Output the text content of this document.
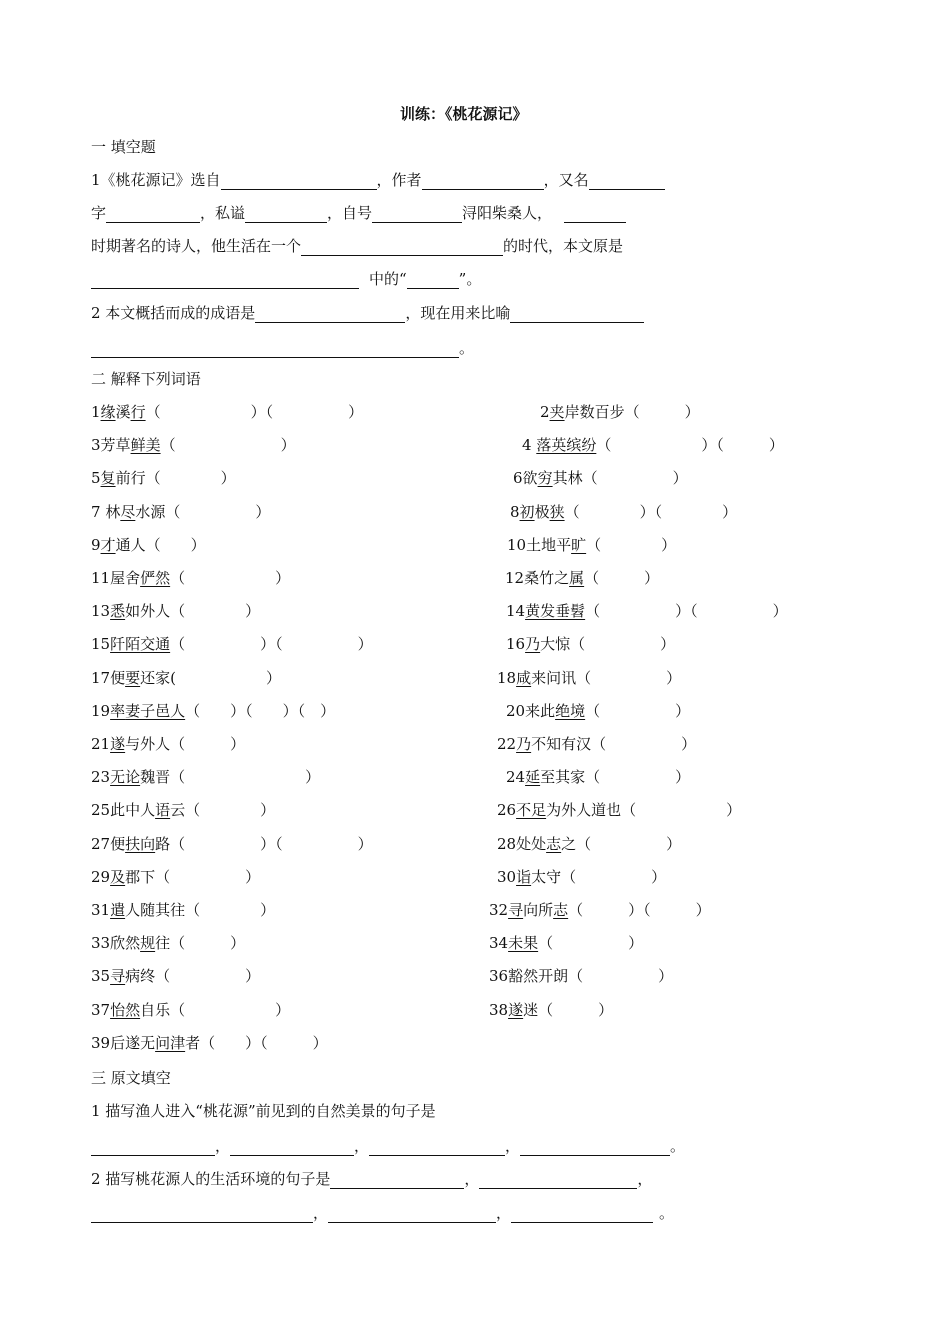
训练：《桃花源记》
一 填空题
1《桃花源记》选自	，作者	，又名
字	，私谥	，自号	浔阳柴桑人，
时期著名的诗人，他生活在一个	的时代，本文原是
中的“	”。
2 本文概括而成的成语是	，现在用来比喻
。
二 解释下列词语
1缘溪行（　　　　　　）（　　　　　）	2夹岸数百步（　　　）
3芳草鲜美（　　　　　　　）	4 落英缤纷（　　　　　　）（　　　）
5复前行（　　　　）	6欲穷其林（　　　　　）
7 林尽水源（　　　　　）	8初极狭（　　　　）（　　　　）
9才通人（　　）	10土地平旷（　　　　）
11屋舍俨然（　　　　　　）	12桑竹之属（　　　）
13悉如外人（　　　　）	14黄发垂髫（　　　　　）（　　　　　）
15阡陌交通（　　　　　）（　　　　　）	16乃大惊（　　　　　）
17便要还家(　　　　　　）	18咸来问讯（　　　　　）
19率妻子邑人（　　）（　　）（　）	20来此绝境（　　　　　）
21遂与外人（　　　）	22乃不知有汉（　　　　　）
23无论魏晋（　　　　　　　　）	24延至其家（　　　　　）
25此中人语云（　　　　）	26不足为外人道也（　　　　　　）
27便扶向路（　　　　　）（　　　　　）	28处处志之（　　　　　）
29及郡下（　　　　　）	30诣太守（　　　　　）
31遣人随其往（　　　　）	32寻向所志（　　　）（　　　）
33欣然规往（　　　）	34未果（　　　　　）
35寻病终（　　　　　）	36豁然开朗（　　　　　）
37怡然自乐（　　　　　　）	38遂迷（　　　）
39后遂无问津者（　　）（　　　）
三 原文填空
1 描写渔人进入“桃花源”前见到的自然美景的句子是
，	，	，	。
2 描写桃花源人的生活环境的句子是	，	，
，	，	。
